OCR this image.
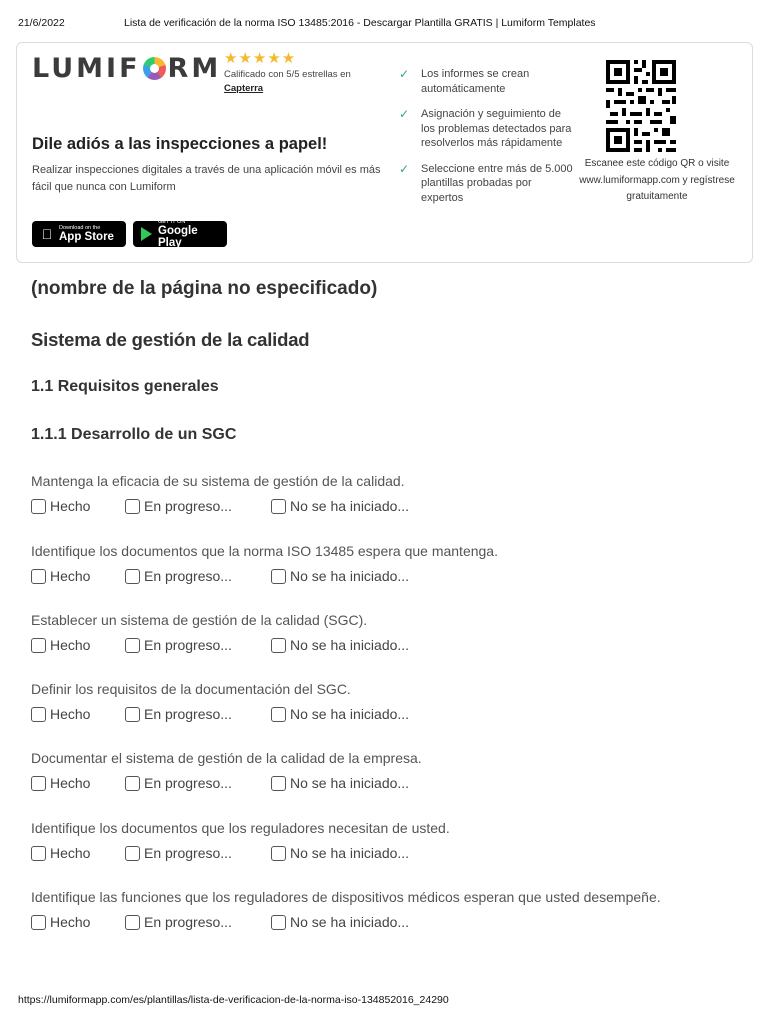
21/6/2022	Lista de verificación de la norma ISO 13485:2016 - Descargar Plantilla GRATIS | Lumiform Templates
LUMIF RM ★★★★★
Calificado con 5/5 estrellas en
Capterra
Dile adiós a las inspecciones a papel!
Realizar inspecciones digitales a través de una aplicación móvil es más fácil que nunca con Lumiform
Download on the
App Store
GET IT ON
Google Play
✓ Los informes se crean automáticamente
✓ Asignación y seguimiento de los problemas detectados para resolverlos más rápidamente
✓ Seleccione entre más de 5.000 plantillas probadas por expertos
Escanee este código QR o visite www.lumiformapp.com y regístrese gratuitamente
(nombre de la página no especificado)
Sistema de gestión de la calidad
1.1 Requisitos generales
1.1.1 Desarrollo de un SGC
Mantenga la eficacia de su sistema de gestión de la calidad.
Hecho	En progreso...	No se ha iniciado...
Identifique los documentos que la norma ISO 13485 espera que mantenga.
Hecho	En progreso...	No se ha iniciado...
Establecer un sistema de gestión de la calidad (SGC).
Hecho	En progreso...	No se ha iniciado...
Definir los requisitos de la documentación del SGC.
Hecho	En progreso...	No se ha iniciado...
Documentar el sistema de gestión de la calidad de la empresa.
Hecho	En progreso...	No se ha iniciado...
Identifique los documentos que los reguladores necesitan de usted.
Hecho	En progreso...	No se ha iniciado...
Identifique las funciones que los reguladores de dispositivos médicos esperan que usted desempeñe.
Hecho	En progreso...	No se ha iniciado...
https://lumiformapp.com/es/plantillas/lista-de-verificacion-de-la-norma-iso-134852016_24290
